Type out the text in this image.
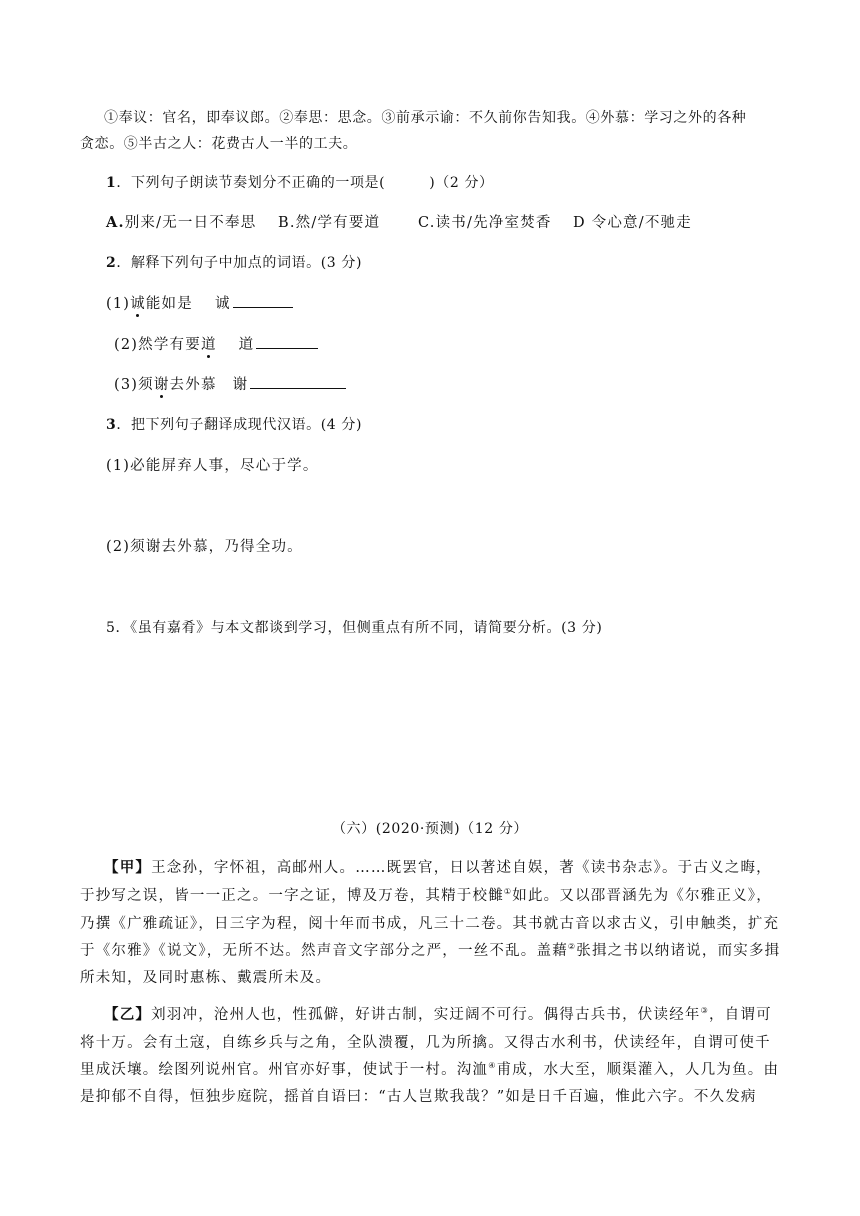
①奉议：官名，即奉议郎。②奉思：思念。③前承示谕：不久前你告知我。④外慕：学习之外的各种
贪恋。⑤半古之人：花费古人一半的工夫。
1．下列句子朗读节奏划分不正确的一项是(	)（2 分）
A.别来/无一日不奉思 B.然/学有要道	C.读书/先净室焚香 D 令心意/不驰走
2．解释下列句子中加点的词语。(3 分)
(1)诚能如是 诚
(2)然学有要道 道
(3)须谢去外慕 谢
3．把下列句子翻译成现代汉语。(4 分)
(1)必能屏弃人事，尽心于学。
(2)须谢去外慕，乃得全功。
5．《虽有嘉肴》与本文都谈到学习，但侧重点有所不同，请简要分析。(3 分)
（六）(2020·预测)（12 分）
【甲】王念孙，字怀祖，高邮州人。……既罢官，日以著述自娱，著《读书杂志》。于古义之晦，
于抄写之误，皆一一正之。一字之证，博及万卷，其精于校雠①如此。又以邵晋涵先为《尔雅正义》，
乃撰《广雅疏证》，日三字为程，阅十年而书成，凡三十二卷。其书就古音以求古义，引申触类，扩充
于《尔雅》《说文》，无所不达。然声音文字部分之严，一丝不乱。盖藉②张揖之书以纳诸说，而实多揖
所未知，及同时惠栋、戴震所未及。
【乙】刘羽冲，沧州人也，性孤僻，好讲古制，实迂阔不可行。偶得古兵书，伏读经年③，自谓可
将十万。会有土寇，自练乡兵与之角，全队溃覆，几为所擒。又得古水利书，伏读经年，自谓可使千
里成沃壤。绘图列说州官。州官亦好事，使试于一村。沟洫④甫成，水大至，顺渠灌入，人几为鱼。由
是抑郁不自得，恒独步庭院，摇首自语曰：“古人岂欺我哉？”如是日千百遍，惟此六字。不久发病
